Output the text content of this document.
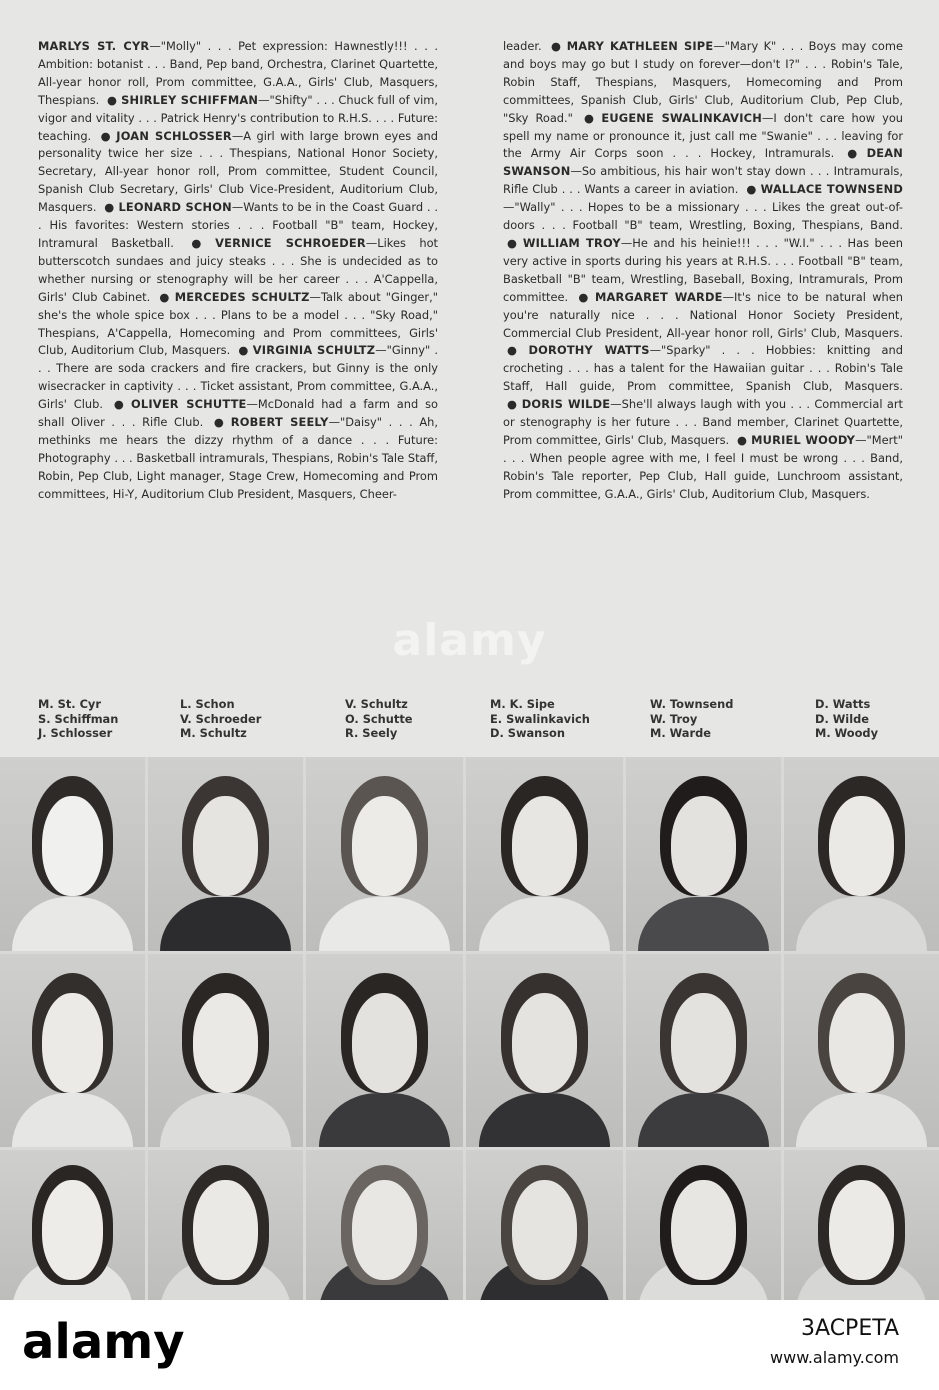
MARLYS ST. CYR—"Molly" . . . Pet expression: Hawnestly!!! . . . Ambition: botanist . . . Band, Pep band, Orchestra, Clarinet Quartette, All-year honor roll, Prom committee, G.A.A., Girls' Club, Masquers, Thespians. ● SHIRLEY SCHIFFMAN—"Shifty" . . . Chuck full of vim, vigor and vitality . . . Patrick Henry's contribution to R.H.S. . . . Future: teaching. ● JOAN SCHLOSSER—A girl with large brown eyes and personality twice her size . . . Thespians, National Honor Society, Secretary, All-year honor roll, Prom committee, Student Council, Spanish Club Secretary, Girls' Club Vice-President, Auditorium Club, Masquers. ● LEONARD SCHON—Wants to be in the Coast Guard . . . His favorites: Western stories . . . Football "B" team, Hockey, Intramural Basketball. ● VERNICE SCHROEDER—Likes hot butterscotch sundaes and juicy steaks . . . She is undecided as to whether nursing or stenography will be her career . . . A'Cappella, Girls' Club Cabinet. ● MERCEDES SCHULTZ—Talk about "Ginger," she's the whole spice box . . . Plans to be a model . . . "Sky Road," Thespians, A'Cappella, Homecoming and Prom committees, Girls' Club, Auditorium Club, Masquers. ● VIRGINIA SCHULTZ—"Ginny" . . . There are soda crackers and fire crackers, but Ginny is the only wisecracker in captivity . . . Ticket assistant, Prom committee, G.A.A., Girls' Club. ● OLIVER SCHUTTE—McDonald had a farm and so shall Oliver . . . Rifle Club. ● ROBERT SEELY—"Daisy" . . . Ah, methinks me hears the dizzy rhythm of a dance . . . Future: Photography . . . Basketball intramurals, Thespians, Robin's Tale Staff, Robin, Pep Club, Light manager, Stage Crew, Homecoming and Prom committees, Hi-Y, Auditorium Club President, Masquers, Cheer-
leader. ● MARY KATHLEEN SIPE—"Mary K" . . . Boys may come and boys may go but I study on forever—don't I?" . . . Robin's Tale, Robin Staff, Thespians, Masquers, Homecoming and Prom committees, Spanish Club, Girls' Club, Auditorium Club, Pep Club, "Sky Road." ● EUGENE SWALINKAVICH—I don't care how you spell my name or pronounce it, just call me "Swanie" . . . leaving for the Army Air Corps soon . . . Hockey, Intramurals. ● DEAN SWANSON—So ambitious, his hair won't stay down . . . Intramurals, Rifle Club . . . Wants a career in aviation. ● WALLACE TOWNSEND—"Wally" . . . Hopes to be a missionary . . . Likes the great out-of-doors . . . Football "B" team, Wrestling, Boxing, Thespians, Band. ● WILLIAM TROY—He and his heinie!!! . . . "W.I." . . . Has been very active in sports during his years at R.H.S. . . . Football "B" team, Basketball "B" team, Wrestling, Baseball, Boxing, Intramurals, Prom committee. ● MARGARET WARDE—It's nice to be natural when you're naturally nice . . . National Honor Society President, Commercial Club President, All-year honor roll, Girls' Club, Masquers. ● DOROTHY WATTS—"Sparky" . . . Hobbies: knitting and crocheting . . . has a talent for the Hawaiian guitar . . . Robin's Tale Staff, Hall guide, Prom committee, Spanish Club, Masquers. ● DORIS WILDE—She'll always laugh with you . . . Commercial art or stenography is her future . . . Band member, Clarinet Quartette, Prom committee, Girls' Club, Masquers. ● MURIEL WOODY—"Mert" . . . When people agree with me, I feel I must be wrong . . . Band, Robin's Tale reporter, Pep Club, Hall guide, Lunchroom assistant, Prom committee, G.A.A., Girls' Club, Auditorium Club, Masquers.
alamy
M. St. Cyr
S. Schiffman
J. Schlosser
L. Schon
V. Schroeder
M. Schultz
V. Schultz
O. Schutte
R. Seely
M. K. Sipe
E. Swalinkavich
D. Swanson
W. Townsend
W. Troy
M. Warde
D. Watts
D. Wilde
M. Woody
alamy	3ACPETA
www.alamy.com
